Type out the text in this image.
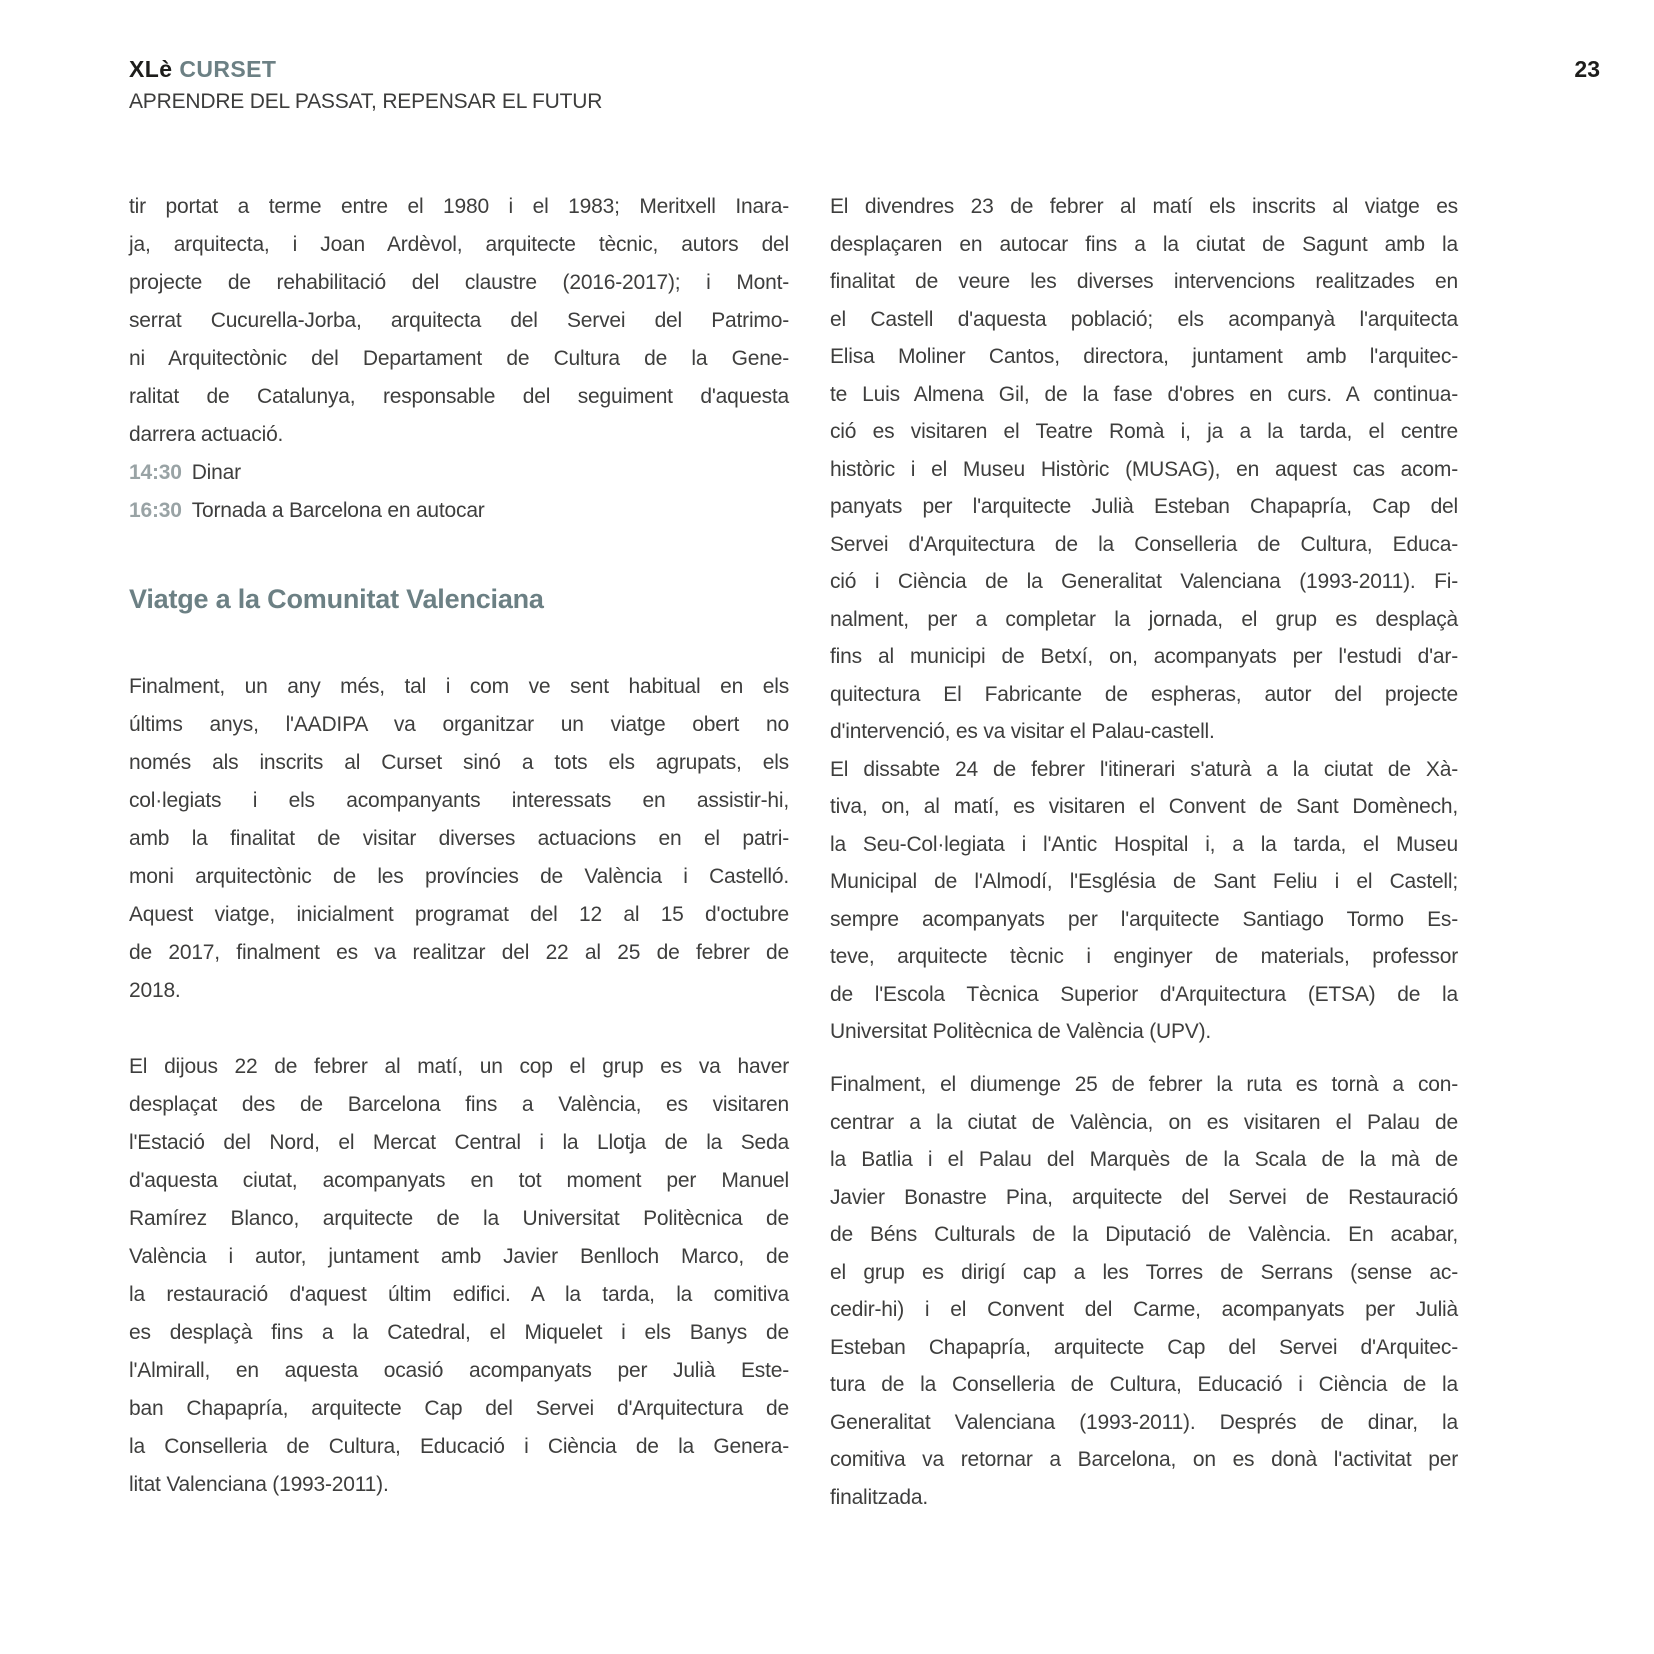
XLè CURSET
APRENDRE DEL PASSAT, REPENSAR EL FUTUR
23
tir portat a terme entre el 1980 i el 1983; Meritxell Inara-
ja, arquitecta, i Joan Ardèvol, arquitecte tècnic, autors del
projecte de rehabilitació del claustre (2016-2017); i Mont-
serrat Cucurella-Jorba, arquitecta del Servei del Patrimo-
ni Arquitectònic del Departament de Cultura de la Gene-
ralitat de Catalunya, responsable del seguiment d'aquesta
darrera actuació.
14:30 Dinar
16:30 Tornada a Barcelona en autocar
Viatge a la Comunitat Valenciana
Finalment, un any més, tal i com ve sent habitual en els
últims anys, l'AADIPA va organitzar un viatge obert no
només als inscrits al Curset sinó a tots els agrupats, els
col·legiats i els acompanyants interessats en assistir-hi,
amb la finalitat de visitar diverses actuacions en el patri-
moni arquitectònic de les províncies de València i Castelló.
Aquest viatge, inicialment programat del 12 al 15 d'octubre
de 2017, finalment es va realitzar del 22 al 25 de febrer de
2018.
El dijous 22 de febrer al matí, un cop el grup es va haver
desplaçat des de Barcelona fins a València, es visitaren
l'Estació del Nord, el Mercat Central i la Llotja de la Seda
d'aquesta ciutat, acompanyats en tot moment per Manuel
Ramírez Blanco, arquitecte de la Universitat Politècnica de
València i autor, juntament amb Javier Benlloch Marco, de
la restauració d'aquest últim edifici. A la tarda, la comitiva
es desplaçà fins a la Catedral, el Miquelet i els Banys de
l'Almirall, en aquesta ocasió acompanyats per Julià Este-
ban Chapapría, arquitecte Cap del Servei d'Arquitectura de
la Conselleria de Cultura, Educació i Ciència de la Genera-
litat Valenciana (1993-2011).
El divendres 23 de febrer al matí els inscrits al viatge es
desplaçaren en autocar fins a la ciutat de Sagunt amb la
finalitat de veure les diverses intervencions realitzades en
el Castell d'aquesta població; els acompanyà l'arquitecta
Elisa Moliner Cantos, directora, juntament amb l'arquitec-
te Luis Almena Gil, de la fase d'obres en curs. A continua-
ció es visitaren el Teatre Romà i, ja a la tarda, el centre
històric i el Museu Històric (MUSAG), en aquest cas acom-
panyats per l'arquitecte Julià Esteban Chapapría, Cap del
Servei d'Arquitectura de la Conselleria de Cultura, Educa-
ció i Ciència de la Generalitat Valenciana (1993-2011). Fi-
nalment, per a completar la jornada, el grup es desplaçà
fins al municipi de Betxí, on, acompanyats per l'estudi d'ar-
quitectura El Fabricante de espheras, autor del projecte
d'intervenció, es va visitar el Palau-castell.
El dissabte 24 de febrer l'itinerari s'aturà a la ciutat de Xà-
tiva, on, al matí, es visitaren el Convent de Sant Domènech,
la Seu-Col·legiata i l'Antic Hospital i, a la tarda, el Museu
Municipal de l'Almodí, l'Església de Sant Feliu i el Castell;
sempre acompanyats per l'arquitecte Santiago Tormo Es-
teve, arquitecte tècnic i enginyer de materials, professor
de l'Escola Tècnica Superior d'Arquitectura (ETSA) de la
Universitat Politècnica de València (UPV).
Finalment, el diumenge 25 de febrer la ruta es tornà a con-
centrar a la ciutat de València, on es visitaren el Palau de
la Batlia i el Palau del Marquès de la Scala de la mà de
Javier Bonastre Pina, arquitecte del Servei de Restauració
de Béns Culturals de la Diputació de València. En acabar,
el grup es dirigí cap a les Torres de Serrans (sense ac-
cedir-hi) i el Convent del Carme, acompanyats per Julià
Esteban Chapapría, arquitecte Cap del Servei d'Arquitec-
tura de la Conselleria de Cultura, Educació i Ciència de la
Generalitat Valenciana (1993-2011). Després de dinar, la
comitiva va retornar a Barcelona, on es donà l'activitat per
finalitzada.
